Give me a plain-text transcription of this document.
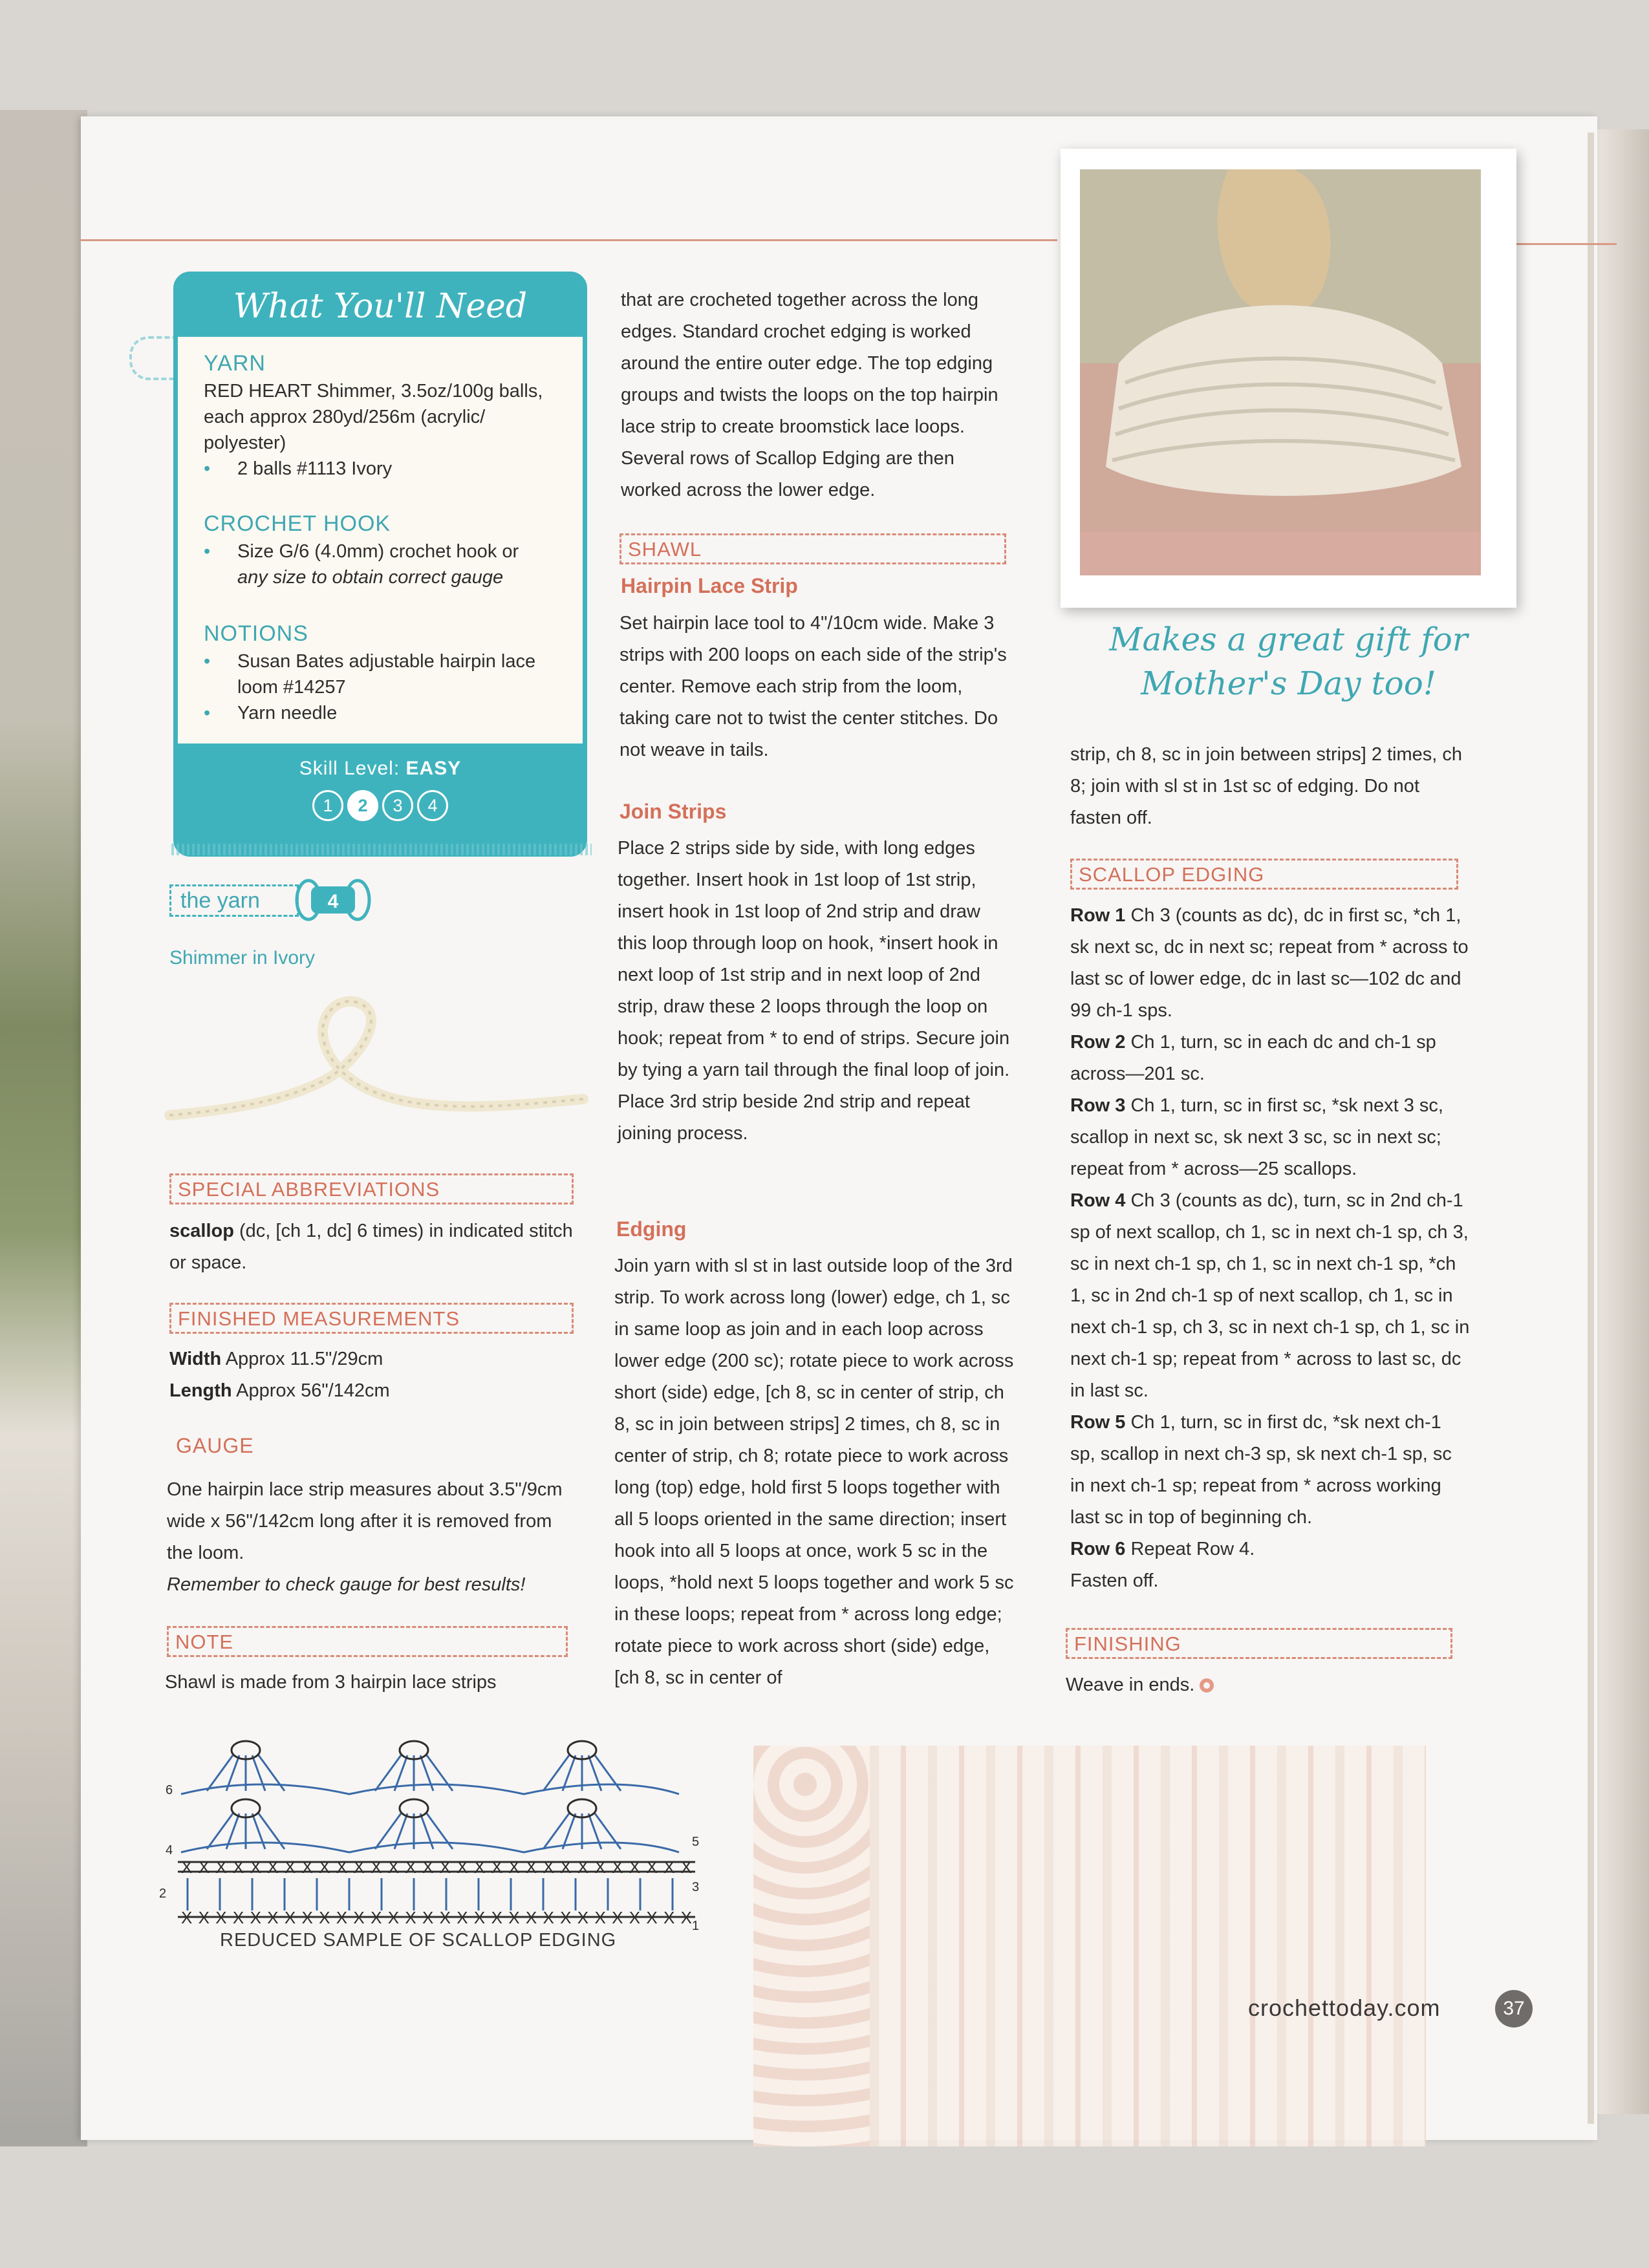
What You'll Need
YARN
RED HEART Shimmer, 3.5oz/100g balls, each approx 280yd/256m (acrylic/ polyester)
• 2 balls #1113 Ivory
CROCHET HOOK
• Size G/6 (4.0mm) crochet hook or
any size to obtain correct gauge
NOTIONS
• Susan Bates adjustable hairpin lace loom #14257
• Yarn needle
Skill Level: EASY
1 2 3 4
the yarn	4
Shimmer in Ivory
SPECIAL ABBREVIATIONS
scallop (dc, [ch 1, dc] 6 times) in indicated stitch or space.
FINISHED MEASUREMENTS
Width Approx 11.5"/29cm
Length Approx 56"/142cm
GAUGE
One hairpin lace strip measures about 3.5"/9cm wide x 56"/142cm long after it is removed from the loom.
Remember to check gauge for best results!
NOTE
Shawl is made from 3 hairpin lace strips
that are crocheted together across the long edges. Standard crochet edging is worked around the entire outer edge. The top edging groups and twists the loops on the top hairpin lace strip to create broomstick lace loops. Several rows of Scallop Edging are then worked across the lower edge.
SHAWL
Hairpin Lace Strip
Set hairpin lace tool to 4"/10cm wide. Make 3 strips with 200 loops on each side of the strip's center. Remove each strip from the loom, taking care not to twist the center stitches. Do not weave in tails.
Join Strips
Place 2 strips side by side, with long edges together. Insert hook in 1st loop of 1st strip, insert hook in 1st loop of 2nd strip and draw this loop through loop on hook, *insert hook in next loop of 1st strip and in next loop of 2nd strip, draw these 2 loops through the loop on hook; repeat from * to end of strips. Secure join by tying a yarn tail through the final loop of join.
Place 3rd strip beside 2nd strip and repeat joining process.
Edging
Join yarn with sl st in last outside loop of the 3rd strip. To work across long (lower) edge, ch 1, sc in same loop as join and in each loop across lower edge (200 sc); rotate piece to work across short (side) edge, [ch 8, sc in center of strip, ch 8, sc in join between strips] 2 times, ch 8, sc in center of strip, ch 8; rotate piece to work across long (top) edge, hold first 5 loops together with all 5 loops oriented in the same direction; insert hook into all 5 loops at once, work 5 sc in the loops, *hold next 5 loops together and work 5 sc in these loops; repeat from * across long edge; rotate piece to work across short (side) edge, [ch 8, sc in center of
Makes a great gift for
Mother's Day too!
strip, ch 8, sc in join between strips] 2 times, ch 8; join with sl st in 1st sc of edging. Do not fasten off.
SCALLOP EDGING
Row 1 Ch 3 (counts as dc), dc in first sc, *ch 1, sk next sc, dc in next sc; repeat from * across to last sc of lower edge, dc in last sc—102 dc and 99 ch-1 sps.
Row 2 Ch 1, turn, sc in each dc and ch-1 sp across—201 sc.
Row 3 Ch 1, turn, sc in first sc, *sk next 3 sc, scallop in next sc, sk next 3 sc, sc in next sc; repeat from * across—25 scallops.
Row 4 Ch 3 (counts as dc), turn, sc in 2nd ch-1 sp of next scallop, ch 1, sc in next ch-1 sp, ch 3, sc in next ch-1 sp, ch 1, sc in next ch-1 sp, *ch 1, sc in 2nd ch-1 sp of next scallop, ch 1, sc in next ch-1 sp, ch 3, sc in next ch-1 sp, ch 1, sc in next ch-1 sp; repeat from * across to last sc, dc in last sc.
Row 5 Ch 1, turn, sc in first dc, *sk next ch-1 sp, scallop in next ch-3 sp, sk next ch-1 sp, sc in next ch-1 sp; repeat from * across working last sc in top of beginning ch.
Row 6 Repeat Row 4.
Fasten off.
FINISHING
Weave in ends.
6
5
4
3
2
1
XXXXXXXXXXXXXXXXXXXXXXXXXXXXXX
XXXXXXXXXXXXXXXXXXXXXXXXXXXXXX
REDUCED SAMPLE OF SCALLOP EDGING
crochettoday.com	37
